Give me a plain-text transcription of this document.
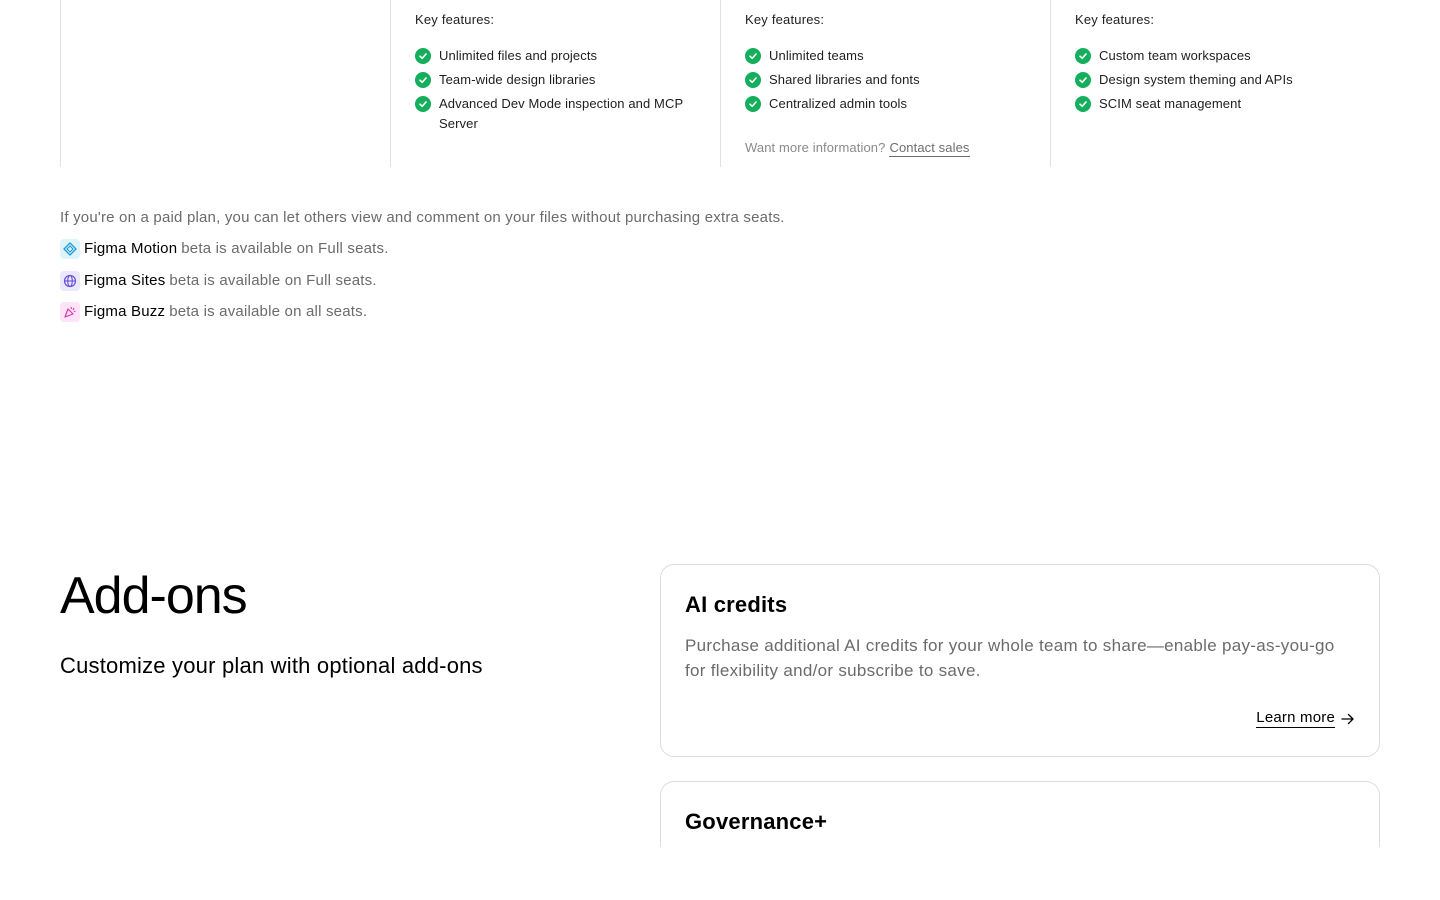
Key features:
Unlimited files and projects
Team-wide design libraries
Advanced Dev Mode inspection and MCP Server
Key features:
Unlimited teams
Shared libraries and fonts
Centralized admin tools
Want more information? Contact sales
Key features:
Custom team workspaces
Design system theming and APIs
SCIM seat management
If you're on a paid plan, you can let others view and comment on your files without purchasing extra seats.
Figma Motion beta is available on Full seats.
Figma Sites beta is available on Full seats.
Figma Buzz beta is available on all seats.
Add-ons

Customize your plan with optional add-ons

AI credits
Purchase additional AI credits for your whole team to share—enable pay-as-you-go for flexibility and/or subscribe to save.
Learn more
Governance+
